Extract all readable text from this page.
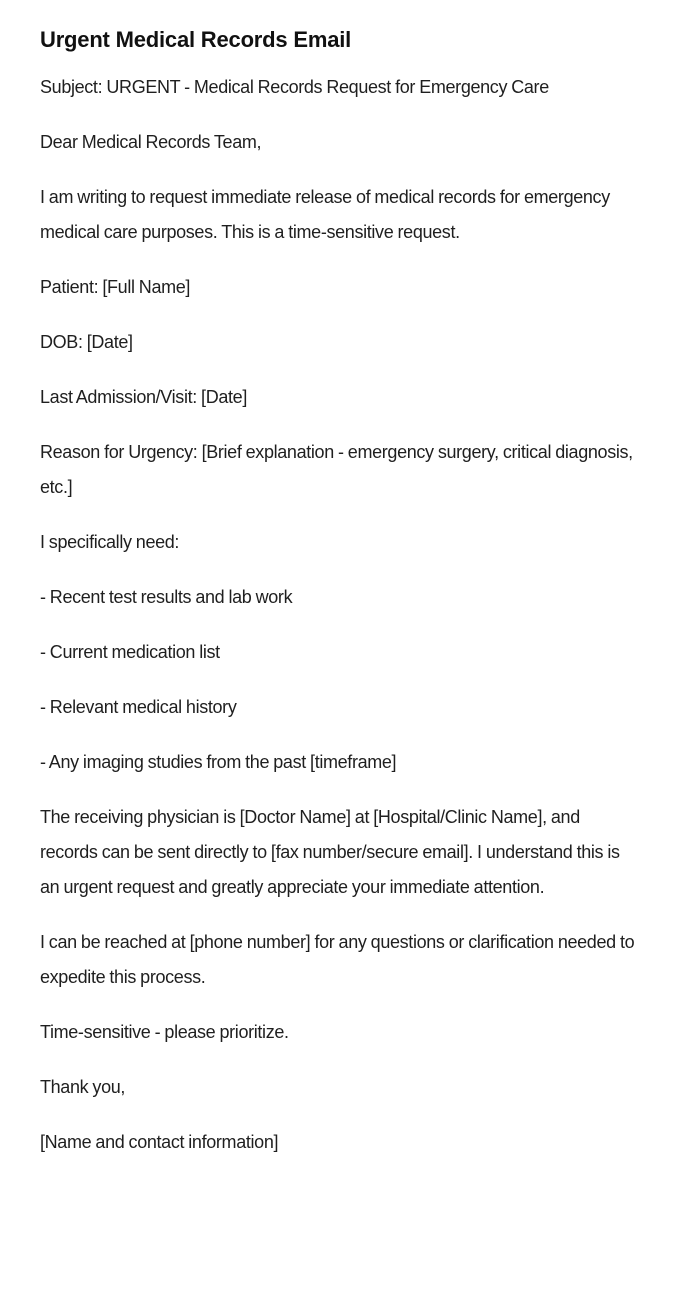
Urgent Medical Records Email

Subject: URGENT - Medical Records Request for Emergency Care

Dear Medical Records Team,

I am writing to request immediate release of medical records for emergency medical care purposes. This is a time-sensitive request.

Patient: [Full Name]

DOB: [Date]

Last Admission/Visit: [Date]

Reason for Urgency: [Brief explanation - emergency surgery, critical diagnosis, etc.]

I specifically need:

- Recent test results and lab work

- Current medication list

- Relevant medical history

- Any imaging studies from the past [timeframe]

The receiving physician is [Doctor Name] at [Hospital/Clinic Name], and records can be sent directly to [fax number/secure email]. I understand this is an urgent request and greatly appreciate your immediate attention.

I can be reached at [phone number] for any questions or clarification needed to expedite this process.

Time-sensitive - please prioritize.

Thank you,

[Name and contact information]
